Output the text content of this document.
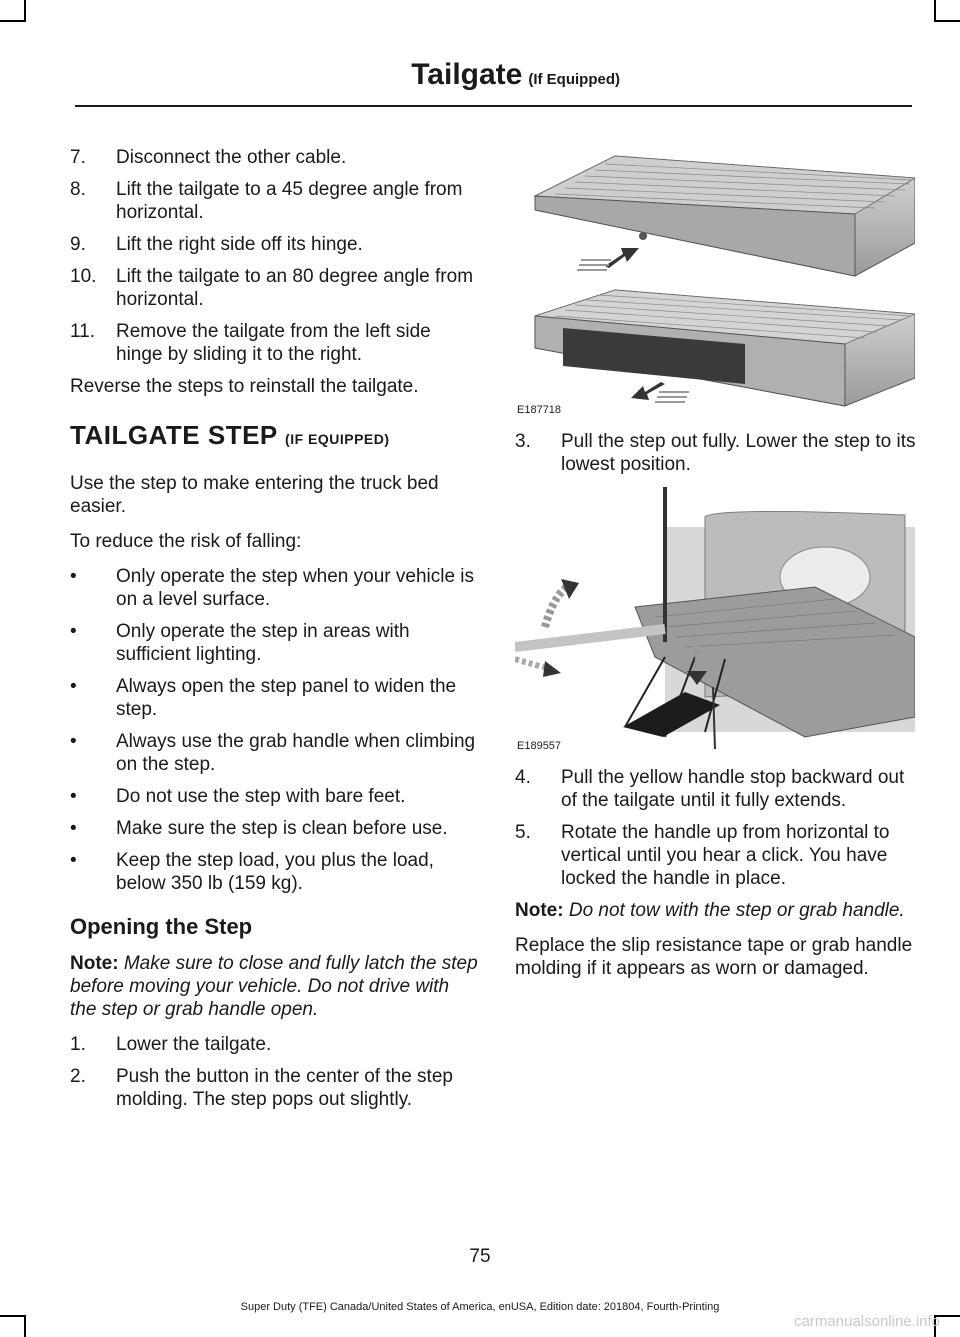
Tailgate (If Equipped)
7. Disconnect the other cable.
8. Lift the tailgate to a 45 degree angle from horizontal.
9. Lift the right side off its hinge.
10. Lift the tailgate to an 80 degree angle from horizontal.
11. Remove the tailgate from the left side hinge by sliding it to the right.

Reverse the steps to reinstall the tailgate.

TAILGATE STEP (IF EQUIPPED)

Use the step to make entering the truck bed easier.

To reduce the risk of falling:

• Only operate the step when your vehicle is on a level surface.
• Only operate the step in areas with sufficient lighting.
• Always open the step panel to widen the step.
• Always use the grab handle when climbing on the step.
• Do not use the step with bare feet.
• Make sure the step is clean before use.
• Keep the step load, you plus the load, below 350 lb (159 kg).
Opening the Step

Note: Make sure to close and fully latch the step before moving your vehicle. Do not drive with the step or grab handle open.

1. Lower the tailgate.
2. Push the button in the center of the step molding. The step pops out slightly.
E187718
3. Pull the step out fully. Lower the step to its lowest position.
E189557
4. Pull the yellow handle stop backward out of the tailgate until it fully extends.
5. Rotate the handle up from horizontal to vertical until you hear a click. You have locked the handle in place.

Note: Do not tow with the step or grab handle.

Replace the slip resistance tape or grab handle molding if it appears as worn or damaged.

75
Super Duty (TFE) Canada/United States of America, enUSA, Edition date: 201804, Fourth-Printing
carmanualsonline.info
